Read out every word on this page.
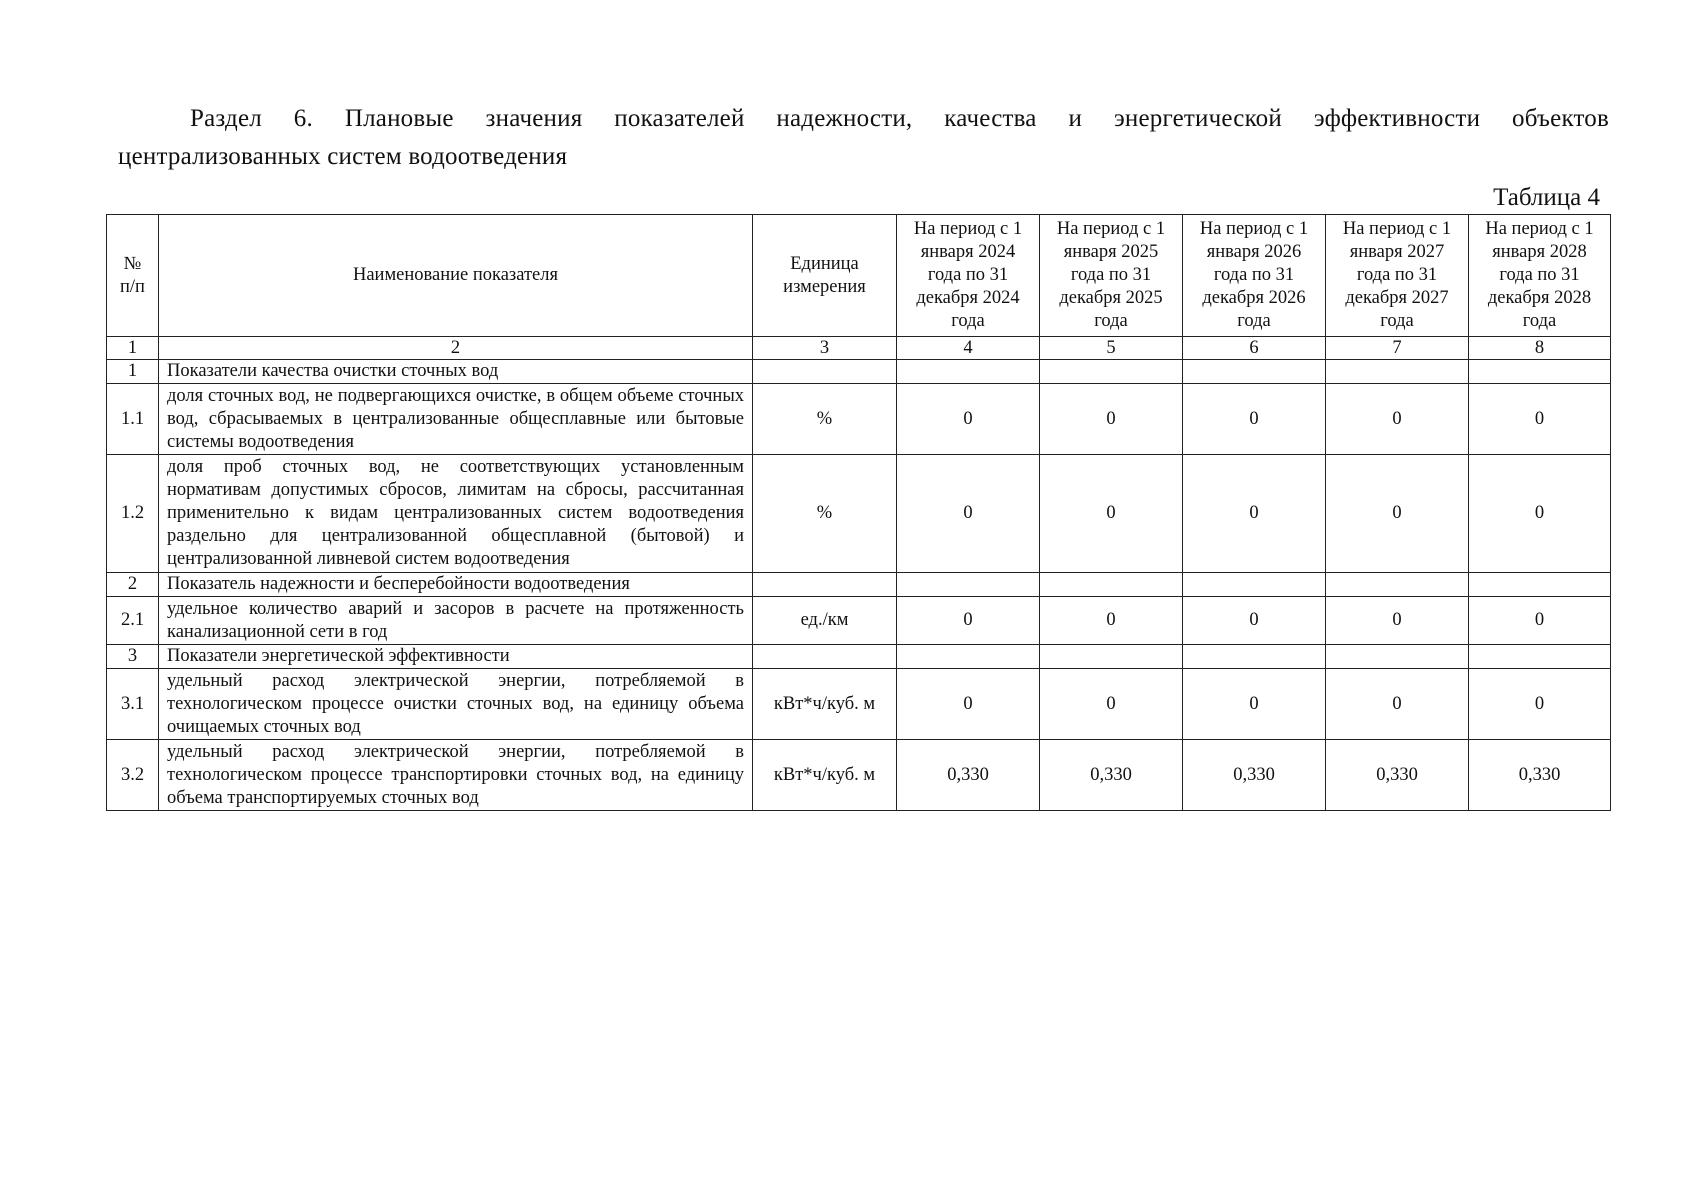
Раздел 6. Плановые значения показателей надежности, качества и энергетической эффективности объектов
централизованных систем водоотведения
Таблица 4
№ п/п	Наименование показателя	Единица измерения	На период с 1 января 2024 года по 31 декабря 2024 года	На период с 1 января 2025 года по 31 декабря 2025 года	На период с 1 января 2026 года по 31 декабря 2026 года	На период с 1 января 2027 года по 31 декабря 2027 года	На период с 1 января 2028 года по 31 декабря 2028 года
1	2	3	4	5	6	7	8
1	Показатели качества очистки сточных вод						
1.1	доля сточных вод, не подвергающихся очистке, в общем объеме сточных вод, сбрасываемых в централизованные общесплавные или бытовые системы водоотведения	%	0	0	0	0	0
1.2	доля проб сточных вод, не соответствующих установленным нормативам допустимых сбросов, лимитам на сбросы, рассчитанная применительно к видам централизованных систем водоотведения раздельно для централизованной общесплавной (бытовой) и централизованной ливневой систем водоотведения	%	0	0	0	0	0
2	Показатель надежности и бесперебойности водоотведения						
2.1	удельное количество аварий и засоров в расчете на протяженность канализационной сети в год	ед./км	0	0	0	0	0
3	Показатели энергетической эффективности						
3.1	удельный расход электрической энергии, потребляемой в технологическом процессе очистки сточных вод, на единицу объема очищаемых сточных вод	кВт*ч/куб. м	0	0	0	0	0
3.2	удельный расход электрической энергии, потребляемой в технологическом процессе транспортировки сточных вод, на единицу объема транспортируемых сточных вод	кВт*ч/куб. м	0,330	0,330	0,330	0,330	0,330
